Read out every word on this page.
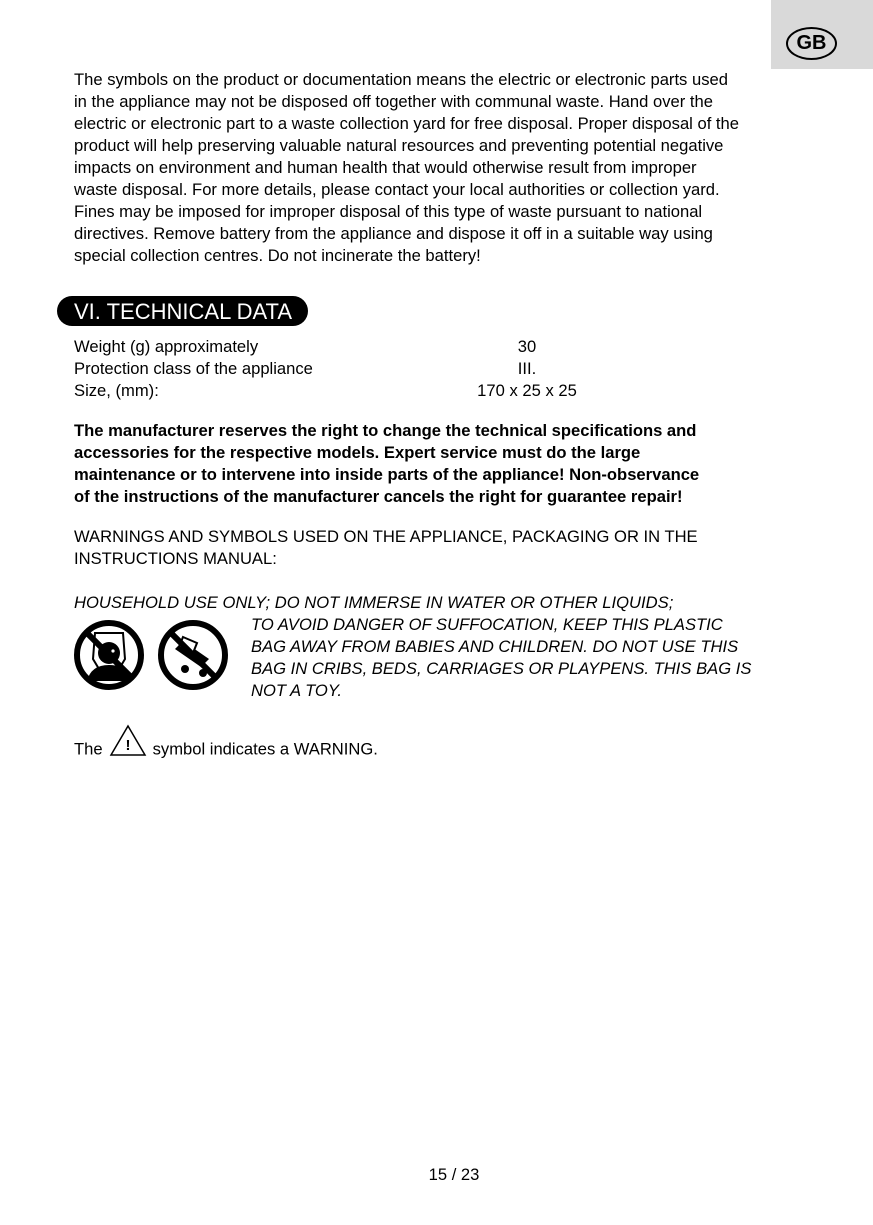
GB

The symbols on the product or documentation means the electric or electronic parts used

in the appliance may not be disposed off together with communal waste. Hand over the

electric or electronic part to a waste collection yard for free disposal. Proper disposal of the

product will help preserving valuable natural resources and preventing potential negative

impacts on environment and human health that would otherwise result from improper

waste disposal. For more details, please contact your local authorities or collection yard.

Fines may be imposed for improper disposal of this type of waste pursuant to national

directives. Remove battery from the appliance and dispose it off in a suitable way using

special collection centres. Do not incinerate the battery!

VI. TECHNICAL DATA
Weight (g) approximately	30
Protection class of the appliance	III.
Size, (mm):	170 x 25 x 25
The manufacturer reserves the right to change the technical specifications and
accessories for the respective models. Expert service must do the large
maintenance or to intervene into inside parts of the appliance! Non-observance
of the instructions of the manufacturer cancels the right for guarantee repair!
WARNINGS AND SYMBOLS USED ON THE APPLIANCE, PACKAGING OR IN THE
INSTRUCTIONS MANUAL:
HOUSEHOLD USE ONLY; DO NOT IMMERSE IN WATER OR OTHER LIQUIDS;
TO AVOID DANGER OF SUFFOCATION, KEEP THIS PLASTIC
BAG AWAY FROM BABIES AND CHILDREN. DO NOT USE THIS
BAG IN CRIBS, BEDS, CARRIAGES OR PLAYPENS. THIS BAG IS
NOT A TOY.
The ! symbol indicates a WARNING.
15 / 23
